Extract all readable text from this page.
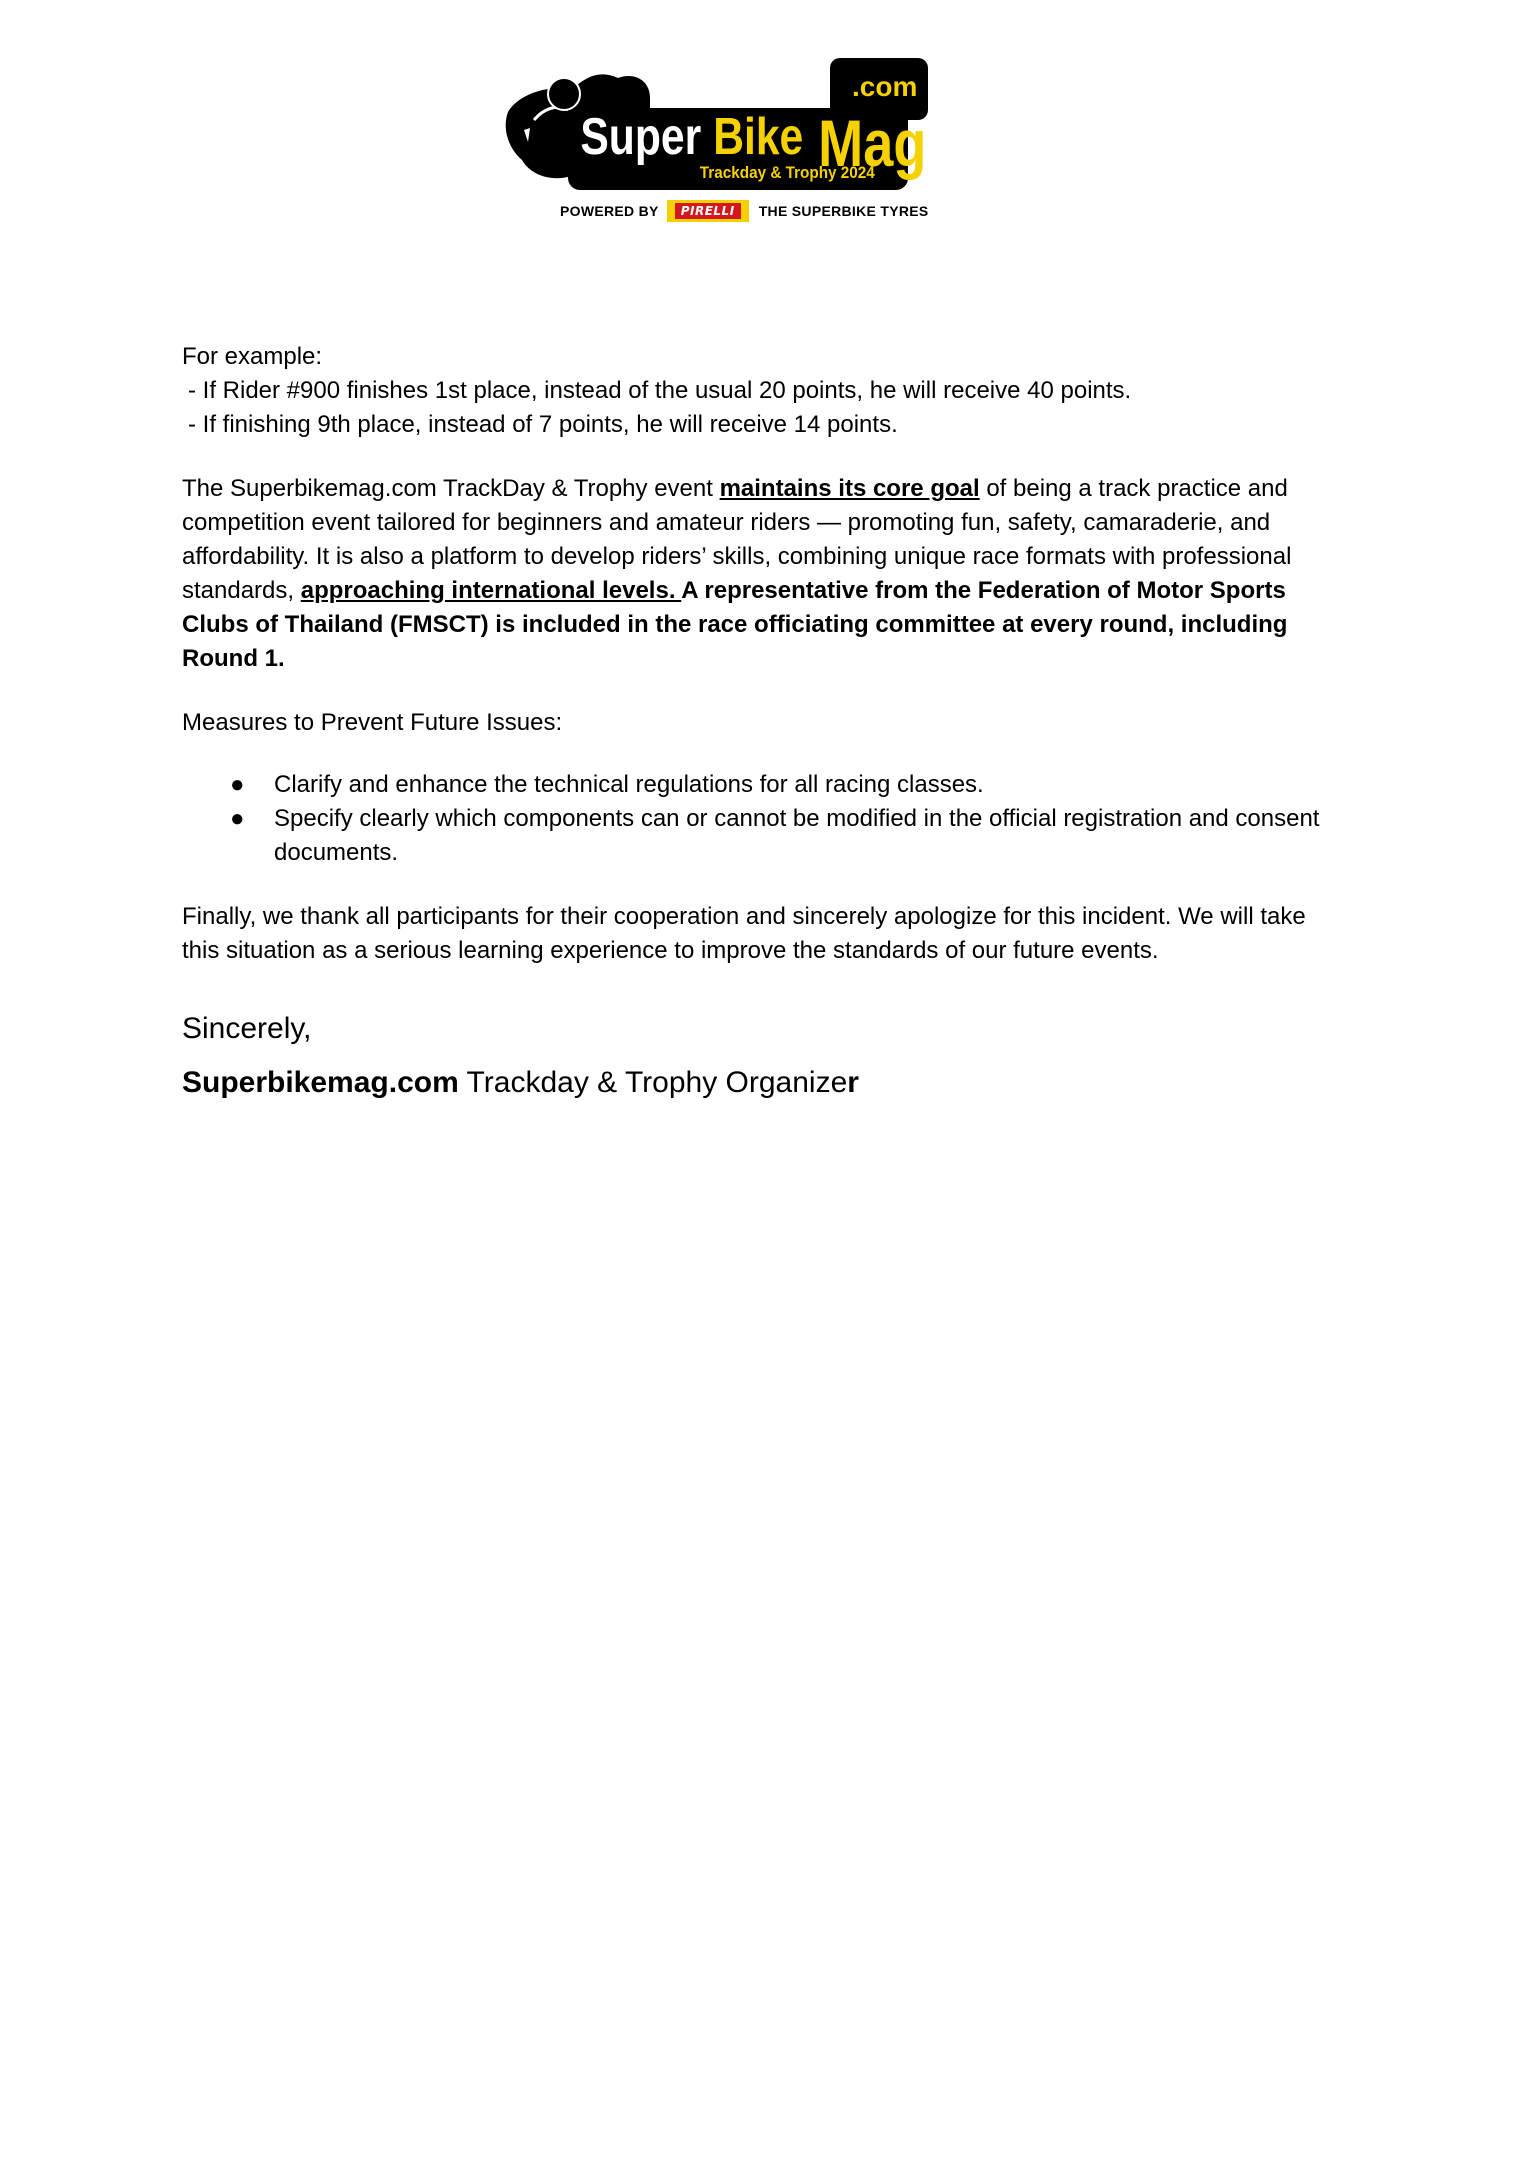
.com
Super Bike Mag
Trackday & Trophy 2024
POWERED BY	PIRELLI	THE SUPERBIKE TYRES

For example:

- If Rider #900 finishes 1st place, instead of the usual 20 points, he will receive 40 points.

- If finishing 9th place, instead of 7 points, he will receive 14 points.

The Superbikemag.com TrackDay & Trophy event maintains its core goal of being a track practice and competition event tailored for beginners and amateur riders — promoting fun, safety, camaraderie, and affordability. It is also a platform to develop riders’ skills, combining unique race formats with professional standards, approaching international levels. A representative from the Federation of Motor Sports Clubs of Thailand (FMSCT) is included in the race officiating committee at every round, including Round 1.

Measures to Prevent Future Issues:

● Clarify and enhance the technical regulations for all racing classes.
● Specify clearly which components can or cannot be modified in the official registration and consent documents.

Finally, we thank all participants for their cooperation and sincerely apologize for this incident. We will take this situation as a serious learning experience to improve the standards of our future events.

Sincerely,

Superbikemag.com Trackday & Trophy Organizer
